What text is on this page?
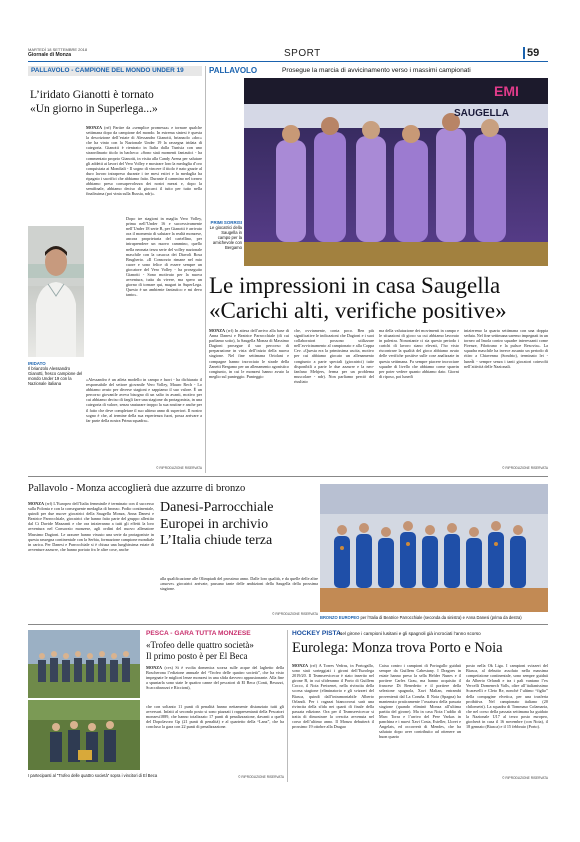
MARTEDÌ 18 SETTEMBRE 2018
Giornale di Monza	SPORT	59
PALLAVOLO - CAMPIONE DEL MONDO UNDER 19
L’iridato Gianotti è tornato
«Un giorno in Superlega...»
MONZA (rrf) Partire da «semplice promessa» e tornare qualche settimana dopo da campione del mondo. In estrema sintesi è questa la descrizione dell’estate di Alessandro Gianotti, brianzolo «doc» che ha vinto con la Nazionale Under 19 la rassegna iridata di categoria. Gianotti è rientrato in Italia dalla Tunisia con uno straordinario titolo in bacheca: «Sono stati momenti fantastici - ha commentato proprio Gianotti, in visita alla Candy Arena per salutare gli addetti ai lavori del Vero Volley e mostrare loro la medaglia d’oro conquistata ai Mondiali - Il sogno di vincere il titolo è nato grazie al duro lavoro intrapreso durante i tre mesi estivi e la medaglia ha ripagato i sacrifici che abbiamo fatto. Durante il cammino nel torneo abbiamo preso consapevolezza dei nostri mezzi e, dopo la semifinale, abbiamo deciso di giocarci il tutto per tutto nella finalissima (poi vinta sulla Russia, ndr)».
IRIDATO
Il brianzolo Alessandro Gianotti, fresco campione del mondo Under 19 con la Nazionale italiana
Dopo tre stagioni in maglia Vero Volley, prima nell’Under 16 e successivamente nell’Under 18 serie B, per Gianotti è arrivato ora il momento di salutare la realtà monzese, ancora proprietaria del cartellino, per intraprendere un nuovo cammino, quello nella neonata terza serie del volley nazionale maschile con la casacca dei Diavoli Rosa Brugherio. «Il Consorzio rimane nel mio cuore e sono felice di essere sempre un giocatore del Vero Volley - ha proseguito Gianotti - Sono motivato per la nuova avventura, tutta da vivere, ma spero un giorno di tornare qui, magari in SuperLega. Questo è un ambiente fantastico e mi devo tanto».
«Alessandro è un atleta modello in campo e fuori - ha dichiarato il responsabile del settore giovanile Vero Volley, Mauro Rech - Lo abbiamo avuto per diverse stagioni e sappiamo il suo valore. È un percorso giovanile aveva bisogno di un salto in avanti, motivo per cui abbiamo deciso di fargli fare una stagione da protagonista, in una categoria di valore, senza snaturare troppo la sua routine e anche per il fatto che deve completare il suo ultimo anno di superiori. Il nostro sogno è che, al termine della sua esperienza fuori, possa arrivare a far parte della nostra Prima squadra».
© RIPRODUZIONE RISERVATA
PALLAVOLO	Prosegue la marcia di avvicinamento verso i massimi campionati
EMI
SAUGELLA
PRIMI SORRISI
Le giocatrici della Saugella in campo per la amichevole con Bergamo
Le impressioni in casa Saugella
«Carichi alti, verifiche positive»
MONZA (rrf) In attesa dell’arrivo alla base di Anna Danesi e Beatrice Parrocchiale (di cui parliamo sotto), la Saugella Monza di Massimo Dagioni prosegue il suo percorso di preparazione in vista dell’inizio della nuova stagione. Nel fine settimana Ortolani e compagne hanno incrociato le strade della Zanetti Bergamo per un allenamento agonistico congiunto, in cui le monzesi hanno avuto la meglio sul punteggio. Punteggio
che, ovviamente, conta poco. Ben più significative le indicazioni che Dagioni e i suoi collaboratori possono utilizzare nell’avvicinamento al campionato e alla Coppa Cev. «Questa era la primissima uscita, motivo per cui abbiamo giocato un allenamento congiunto a parte speciali (giocatrici) tutte disponibili a parte le due azzurre e la neo-fanfano Mehjers, ferma per un problema muscolare - ndr). Non parliamo perciò del risultato
ma della valutazione dei movimenti in campo e le situazioni di gioco su cui abbiamo lavorato in palestra. Nonostante ci sia questo periodo i carichi di lavoro siano elevati, l’ho visto riscontrare la qualità del gioco abbiamo avuto delle verifiche positive sulle cose analizzate in questa settimana. Fa sempre piacere incrociare squadre di livello che abbiamo come sparrin per poter vedere quanto abbiamo dato. Giorni di riposo, poi lunedì
inizieremo la quarta settimana con una doppia seduta. Nel fine settimana saremo impegnati in un torneo ad Imola contro squadre interessanti come Firenze, Filottrano e la pulsce Resovia». La squadra maschile ha invece assunto un periodo di ritiro a Chiavenna (Sondrio), terminato lei - luned̀i - sempre senza i tanti giocatori coinvolti nell’attività delle Nazionali.
© RIPRODUZIONE RISERVATA
Pallavolo - Monza accoglierà due azzurre di bronzo
MONZA (rrf) L’Europeo dell’Italia femminile è terminato con il successo sulla Polonia e con la conseguente medaglia di bronzo. Podio continentale, quindi per due nuove giocatrici della Saugella Monza, Anna Danesi e Beatrice Parrocchiale, giocatrici che hanno fatto parte del gruppo allestito dal Ct Davide Mazzanti e che ora inizieranno a tutti gli effetti la loro avventura nel Consorzio monzese, agli ordini del nuovo allenatore Massimo Dagioni. Le azzurre hanno vissuto una serie da protagoniste in questa rassegna continentale con la Serbia, formazione campione mondiale in carica. Per Danesi e Parrocchiale si è chiusa una lunghissima estate di avventure azzurre, che hanno portato fra le altre cose, anche
Danesi-Parrocchiale
Europei in archivio
L’Italia chiude terza
alla qualificazione alle Olimpiadi del prossimo anno. Dalle loro qualità, e da quelle delle altre «nuove» giocatrici arrivate, passano tante delle ambizioni della Saugella della prossima stagione.
© RIPRODUZIONE RISERVATA
BRONZO EUROPEO per l’Italia di Beatrice Parrocchiale (seconda da sinistra) e Anna Danesi (prima da destra)
PESCA - GARA TUTTA MONZESE
«Trofeo delle quattro società»
Il primo posto è per El Beca
MONZA (cvs) Si è svolta domenica scorsa sulle acque del laghetto della Boscherona l’edizione annuale del “Trofeo delle quattro società”, che ha visto impegnate le migliori lenze monzesi in una sfida davvero appassionante. Alla fine a spuntarla sono state le quattro canne del pescatori di El Beca (Conti, Besozzi, Scaccabarozzi e Riccioni),
che con soltanto 11 punti di penalità hanno nettamente distanziato tutti gli avversari. Infatti al secondo posto si sono piazzati i rappresentanti della Pescatori monzesi1889, che hanno totalizzato 17 punti di penalizzazione, davanti a quelli del Dopolavoro Gp (21 punti di penalità) e al quartetto della “Lanz”, che ha concluso la gara con 22 punti di penalizzazione.
I partecipanti al “Trofeo delle quattro società” sopra i vincitori di El Beca	© RIPRODUZIONE RISERVATA
HOCKEY PISTA
Nel girone i campioni lusitani e gli spagnoli già incrociati l’anno scorso
Eurolega: Monza trova Porto e Noia
MONZA (rrf) A Torres Vedras, in Portogallo, sono stati sorteggiati i gironi dell’Eurolega 2019/20. Il Teamservicecar è stato inserito nel girone B, in cui sfideranno il Porto di Guillem Cocco, il Noia Freixenet, nella rivincita della scorsa stagione (eliminatorio e gli svizzeri del Biasca, quindi dall’intramontabile Alberto Orlandi. Per i ragazzi biancorossi sarà una rivincita della sfida nei quarti di finale della passata edizione. Ora per il Teamservicecar si tratta di dimostrare la crescita avvenuta nel corso dell’ultimo anno. Il Monza debutterà il prossimo 19 ottobre alla Dragao
Caixa contro i campioni di Portogallo guidati sempre da Guillem Cabestany. I Dragoes in estate hanno preso la sella Helder Nunes e il portiere Carles Grau, ma hanno acquisito il francese Di Benedetto e il portiere della selezione spagnola, Xavi Malian, entrambi provenienti dal La Coruña. Il Noia (Spagna) ha mantenuto praticamente l’ossatura della passata stagione (quando eliminò Monza all’ultima partita del girone). Ma in casa Noia l’addio di Marc Torra e l’arrivo del Pere Varkas in panchina e i nuovi Xavi Costa, Esteller, Lloret e Angelats, ed occorrerà di Mendes, che ha salutato dopo aver contribuito ad ottenere un buon quarto
posto nella Ok Liga. I campioni svizzeri del Biasca, al debutto assoluto nella massima competizione continentale, sono sempre guidati da Alberto Orlandi e tra i pali vantano l’ex Vercelli Domenech Valls, oltre all’italianissimo Scaravelli e Cleto Re, nonché l’ultimo “figlio” della compagine elvetica, per una trasferta proibitiva. Nel campionato italiano (20 chilometri). La squadra di Tommaso Colamaria, che nel corso della passata settimana ha guidato la Nazionale U17 al terzo posto europeo, giocherà in casa il 16 novembre (con Noia), il 18 gennaio (Biasca) e il 15 febbraio (Porto).
© RIPRODUZIONE RISERVATA
